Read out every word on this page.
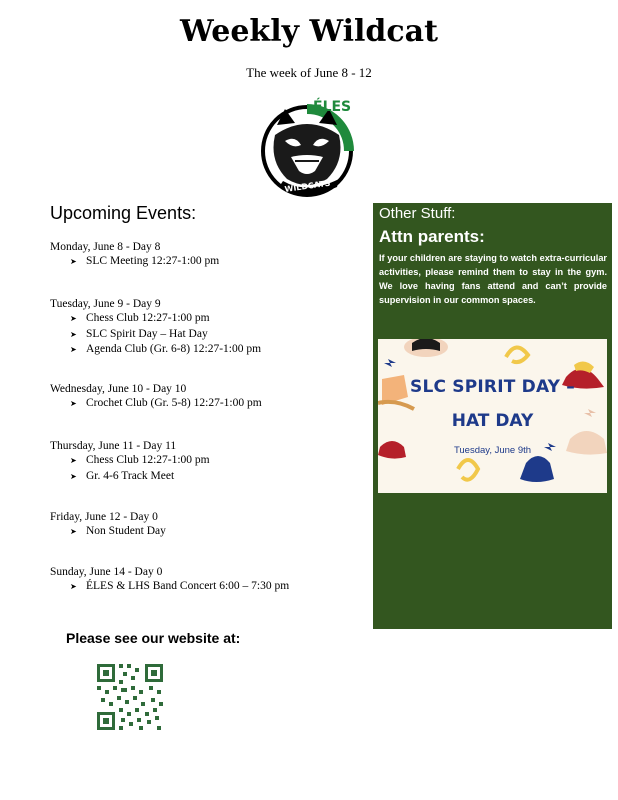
Weekly Wildcat

The week of June 8 - 12

ÉLES
WILDCATS
Upcoming Events:

Monday, June 8 - Day 8

➤ SLC Meeting 12:27-1:00 pm

Tuesday, June 9 - Day 9

➤ Chess Club 12:27-1:00 pm
➤ SLC Spirit Day – Hat Day
➤ Agenda Club (Gr. 6-8) 12:27-1:00 pm

Wednesday, June 10 - Day 10

➤ Crochet Club (Gr. 5-8) 12:27-1:00 pm

Thursday, June 11 - Day 11

➤ Chess Club 12:27-1:00 pm
➤ Gr. 4-6 Track Meet

Friday, June 12 - Day 0

➤ Non Student Day

Sunday, June 14 - Day 0

➤ ÉLES & LHS Band Concert 6:00 – 7:30 pm
Other Stuff:
Attn parents:

If your children are staying to watch extra-curricular activities, please remind them to stay in the gym. We love having fans attend and can’t provide supervision in our common spaces.

SLC SPIRIT DAY –

HAT DAY

Tuesday, June 9th

Please see our website at:
